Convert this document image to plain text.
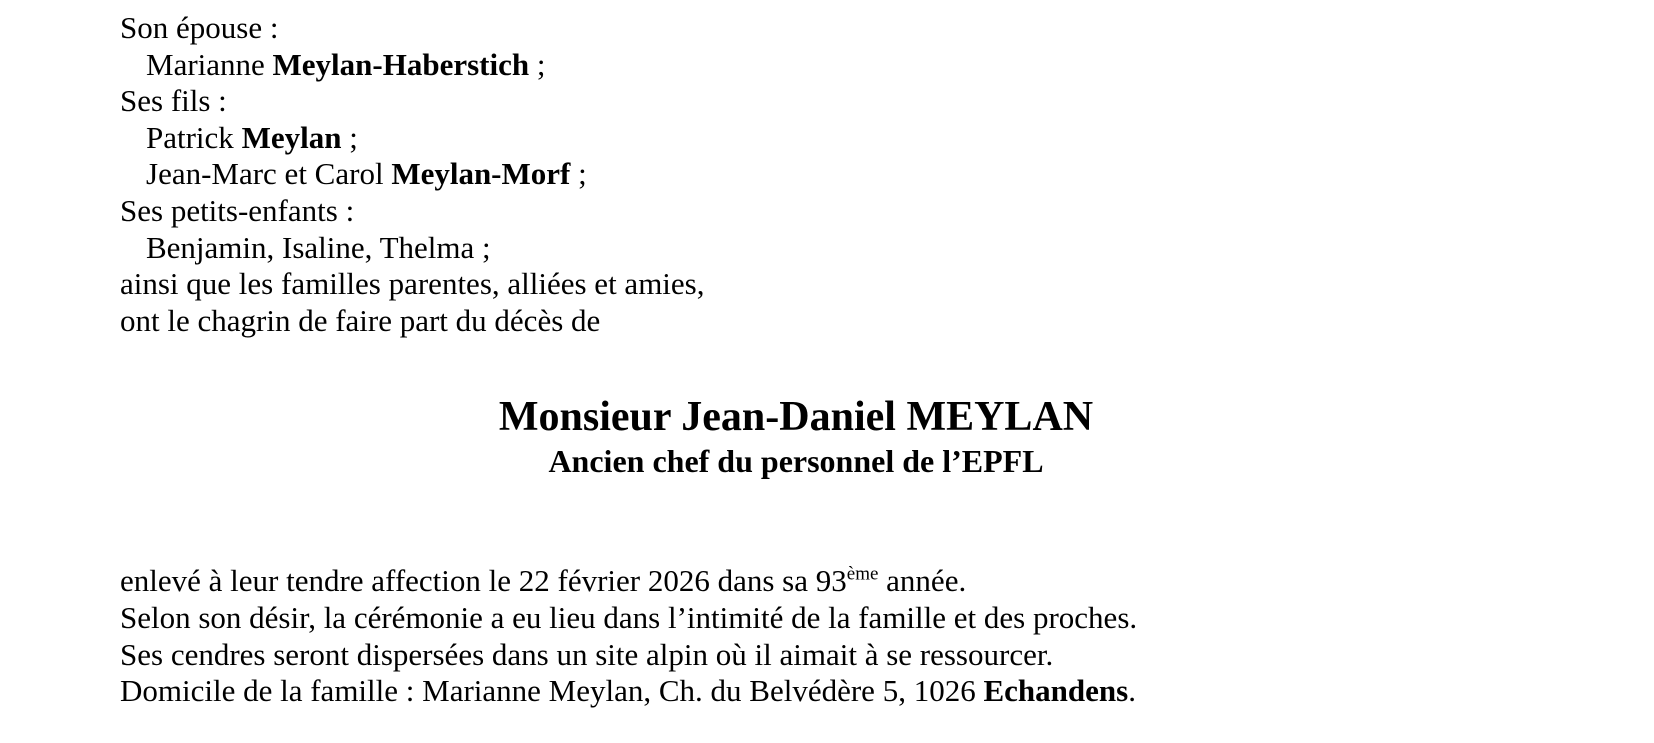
Son épouse :

Marianne Meylan-Haberstich ;

Ses fils :

Patrick Meylan ;

Jean-Marc et Carol Meylan-Morf ;

Ses petits-enfants :

Benjamin, Isaline, Thelma ;

ainsi que les familles parentes, alliées et amies,

ont le chagrin de faire part du décès de

Monsieur Jean-Daniel MEYLAN

Ancien chef du personnel de l’EPFL

enlevé à leur tendre affection le 22 février 2026 dans sa 93ème année.

Selon son désir, la cérémonie a eu lieu dans l’intimité de la famille et des proches.

Ses cendres seront dispersées dans un site alpin où il aimait à se ressourcer.

Domicile de la famille : Marianne Meylan, Ch. du Belvédère 5, 1026 Echandens.
